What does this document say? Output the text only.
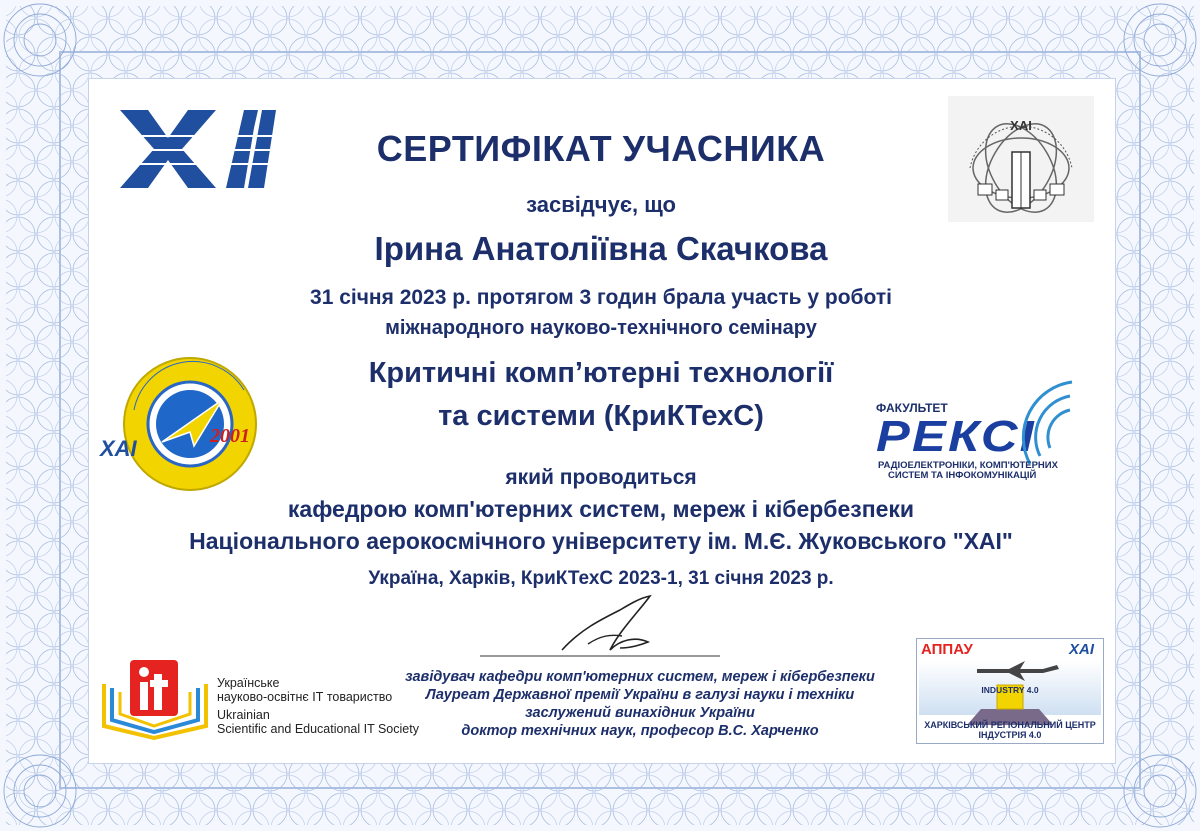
ХАІ
2001
ХАІ
ФАКУЛЬТЕТ
РЕКСІ
РАДІОЕЛЕКТРОНІКИ, КОМП'ЮТЕРНИХ
СИСТЕМ ТА ІНФОКОМУНІКАЦІЙ
СЕРТИФІКАТ УЧАСНИКА
засвідчує, що
Ірина Анатоліївна Скачкова
31 січня 2023 р. протягом 3 годин брала участь у роботі
міжнародного науково-технічного семінару
Критичні комп’ютерні технології
та системи (КриКТехС)
який проводиться
кафедрою комп'ютерних систем, мереж і кібербезпеки
Національного аерокосмічного університету ім. М.Є. Жуковського "ХАІ"
Україна, Харків, КриКТехС 2023-1, 31 січня 2023 р.
завідувач кафедри комп'ютерних систем, мереж і кібербезпеки
Лауреат Державної премії України в галузі науки і техніки
заслужений винахідник України
доктор технічних наук, професор В.С. Харченко
Українське
науково-освітнє ІТ товариство
Ukrainian
Scientific and Educational IT Society
АППАУ	ХАІ
INDUSTRY 4.0
ХАРКІВСЬКИЙ РЕГІОНАЛЬНИЙ ЦЕНТР
ІНДУСТРІЯ 4.0
